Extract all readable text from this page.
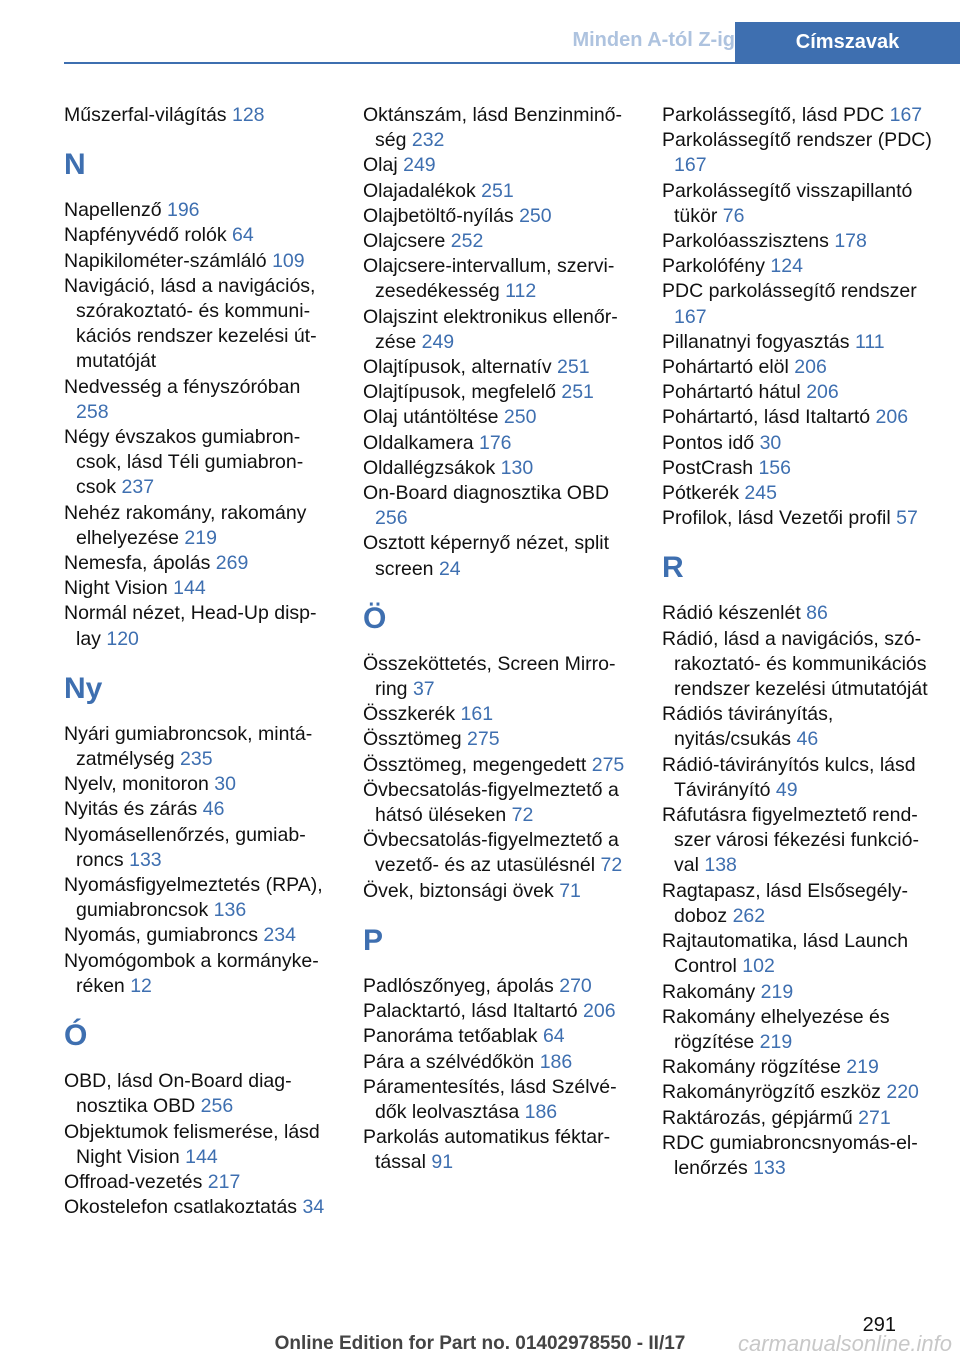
Minden A-tól Z-ig	Címszavak
Műszerfal-világítás 128
N
Napellenző 196
Napfényvédő rolók 64
Napikilométer-számláló 109
Navigáció, lásd a navigációs, szórakoztató- és kommunikációs rendszer kezelési útmutatóját
Nedvesség a fényszóróban 258
Négy évszakos gumiabroncsok, lásd Téli gumiabroncsok 237
Nehéz rakomány, rakomány elhelyezése 219
Nemesfa, ápolás 269
Night Vision 144
Normál nézet, Head-Up display 120
Ny
Nyári gumiabroncsok, mintázatmélység 235
Nyelv, monitoron 30
Nyitás és zárás 46
Nyomásellenőrzés, gumiabroncs 133
Nyomásfigyelmeztetés (RPA), gumiabroncsok 136
Nyomás, gumiabroncs 234
Nyomógombok a kormánykeréken 12
Ó
OBD, lásd On-Board diagnosztika OBD 256
Objektumok felismerése, lásd Night Vision 144
Offroad-vezetés 217
Okostelefon csatlakoztatás 34
Oktánszám, lásd Benzinminőség 232
Olaj 249
Olajadalékok 251
Olajbetöltő-nyílás 250
Olajcsere 252
Olajcsere-intervallum, szervizesedékesség 112
Olajszint elektronikus ellenőrzése 249
Olajtípusok, alternatív 251
Olajtípusok, megfelelő 251
Olaj utántöltése 250
Oldalkamera 176
Oldallégzsákok 130
On-Board diagnosztika OBD 256
Osztott képernyő nézet, split screen 24
Ö
Összeköttetés, Screen Mirroring 37
Összkerék 161
Össztömeg 275
Össztömeg, megengedett 275
Övbecsatolás-figyelmeztető a hátsó üléseken 72
Övbecsatolás-figyelmeztető a vezető- és az utasülésnél 72
Övek, biztonsági övek 71
P
Padlószőnyeg, ápolás 270
Palacktartó, lásd Italtartó 206
Panoráma tetőablak 64
Pára a szélvédőkön 186
Páramentesítés, lásd Szélvédők leolvasztása 186
Parkolás automatikus féktartással 91
Parkolássegítő, lásd PDC 167
Parkolássegítő rendszer (PDC) 167
Parkolássegítő visszapillantó tükör 76
Parkolóasszisztens 178
Parkolófény 124
PDC parkolássegítő rendszer 167
Pillanatnyi fogyasztás 111
Pohártartó elöl 206
Pohártartó hátul 206
Pohártartó, lásd Italtartó 206
Pontos idő 30
PostCrash 156
Pótkerék 245
Profilok, lásd Vezetői profil 57
R
Rádió készenlét 86
Rádió, lásd a navigációs, szórakoztató- és kommunikációs rendszer kezelési útmutatóját
Rádiós távirányítás, nyitás/csukás 46
Rádió-távirányítós kulcs, lásd Távirányító 49
Ráfutásra figyelmeztető rendszer városi fékezési funkcióval 138
Ragtapasz, lásd Elsősegély-doboz 262
Rajtautomatika, lásd Launch Control 102
Rakomány 219
Rakomány elhelyezése és rögzítése 219
Rakomány rögzítése 219
Rakományrögzítő eszköz 220
Raktározás, gépjármű 271
RDC gumiabroncsnyomás-ellenőrzés 133
291
Online Edition for Part no. 01402978550 - II/17	carmanualsonline.info
